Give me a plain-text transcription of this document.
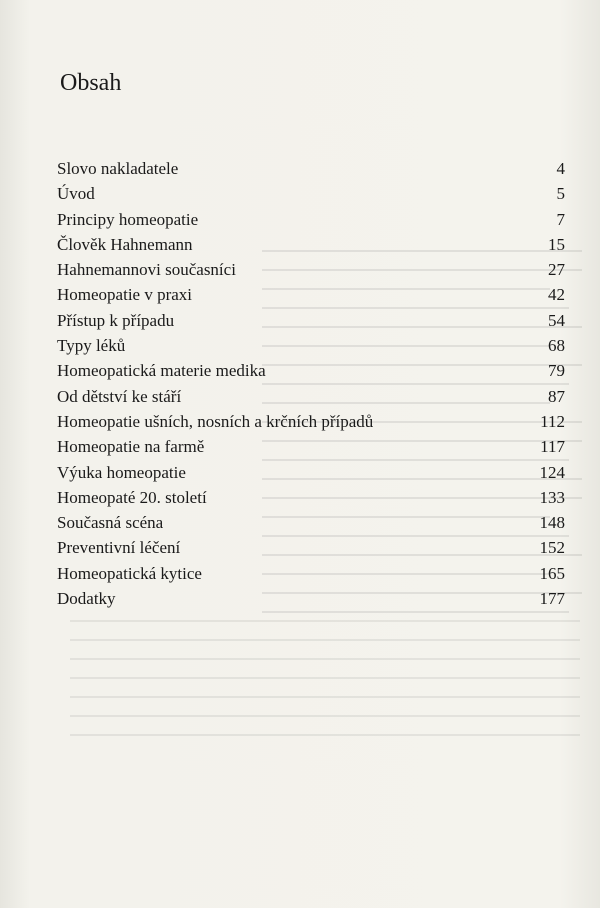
Obsah
Slovo nakladatele	4
Úvod	5
Principy homeopatie	7
Člověk Hahnemann	15
Hahnemannovi současníci	27
Homeopatie v praxi	42
Přístup k případu	54
Typy léků	68
Homeopatická materie medika	79
Od dětství ke stáří	87
Homeopatie ušních, nosních a krčních případů	112
Homeopatie na farmě	117
Výuka homeopatie	124
Homeopaté 20. století	133
Současná scéna	148
Preventivní léčení	152
Homeopatická kytice	165
Dodatky	177
